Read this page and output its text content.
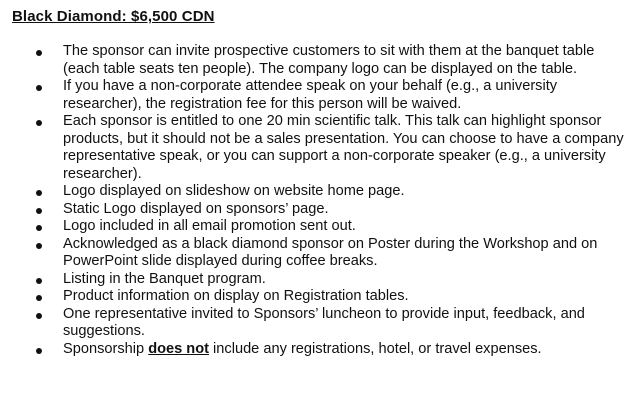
Black Diamond: $6,500 CDN
The sponsor can invite prospective customers to sit with them at the banquet table (each table seats ten people). The company logo can be displayed on the table.
If you have a non-corporate attendee speak on your behalf (e.g., a university researcher), the registration fee for this person will be waived.
Each sponsor is entitled to one 20 min scientific talk. This talk can highlight sponsor products, but it should not be a sales presentation. You can choose to have a company representative speak, or you can support a non-corporate speaker (e.g., a university researcher).
Logo displayed on slideshow on website home page.
Static Logo displayed on sponsors’ page.
Logo included in all email promotion sent out.
Acknowledged as a black diamond sponsor on Poster during the Workshop and on PowerPoint slide displayed during coffee breaks.
Listing in the Banquet program.
Product information on display on Registration tables.
One representative invited to Sponsors’ luncheon to provide input, feedback, and suggestions.
Sponsorship does not include any registrations, hotel, or travel expenses.
